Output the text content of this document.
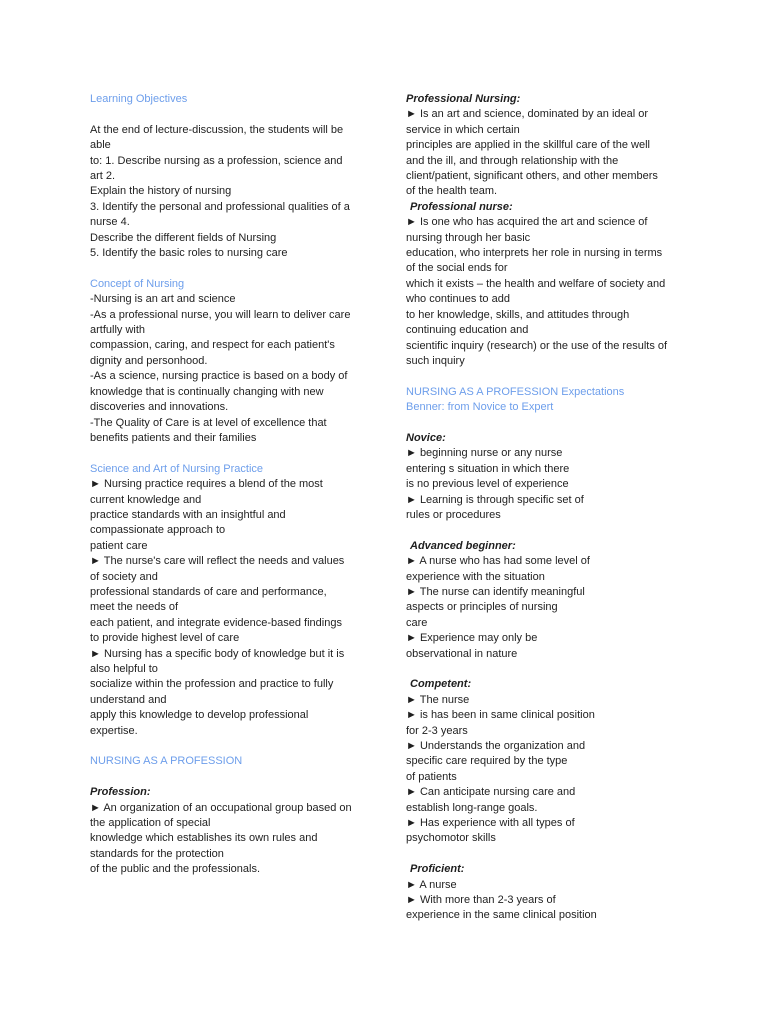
Learning Objectives
At the end of lecture-discussion, the students will be
able
to: 1. Describe nursing as a profession, science and
art 2.
Explain the history of nursing
3. Identify the personal and professional qualities of a
nurse 4.
Describe the different fields of Nursing
5. Identify the basic roles to nursing care
Concept of Nursing
-Nursing is an art and science
-As a professional nurse, you will learn to deliver care
artfully with
compassion, caring, and respect for each patient's
dignity and personhood.
-As a science, nursing practice is based on a body of
knowledge that is continually changing with new
discoveries and innovations.
-The Quality of Care is at level of excellence that
benefits patients and their families
Science and Art of Nursing Practice
► Nursing practice requires a blend of the most
current knowledge and
practice standards with an insightful and
compassionate approach to
patient care
► The nurse's care will reflect the needs and values
of society and
professional standards of care and performance,
meet the needs of
each patient, and integrate evidence-based findings
to provide highest level of care
► Nursing has a specific body of knowledge but it is
also helpful to
socialize within the profession and practice to fully
understand and
apply this knowledge to develop professional
expertise.
NURSING AS A PROFESSION
Profession:
► An organization of an occupational group based on
the application of special
knowledge which establishes its own rules and
standards for the protection
of the public and the professionals.
Professional Nursing:
► Is an art and science, dominated by an ideal or
service in which certain
principles are applied in the skillful care of the well
and the ill, and through relationship with the
client/patient, significant others, and other members
of the health team.
Professional nurse:
► Is one who has acquired the art and science of
nursing through her basic
education, who interprets her role in nursing in terms
of the social ends for
which it exists – the health and welfare of society and
who continues to add
to her knowledge, skills, and attitudes through
continuing education and
scientific inquiry (research) or the use of the results of
such inquiry
NURSING AS A PROFESSION Expectations
Benner: from Novice to Expert
Novice:
► beginning nurse or any nurse
entering s situation in which there
is no previous level of experience
► Learning is through specific set of
rules or procedures
Advanced beginner:
► A nurse who has had some level of
experience with the situation
► The nurse can identify meaningful
aspects or principles of nursing
care
► Experience may only be
observational in nature
Competent:
► The nurse
► is has been in same clinical position
for 2-3 years
► Understands the organization and
specific care required by the type
of patients
► Can anticipate nursing care and
establish long-range goals.
► Has experience with all types of
psychomotor skills
Proficient:
► A nurse
► With more than 2-3 years of
experience in the same clinical position
